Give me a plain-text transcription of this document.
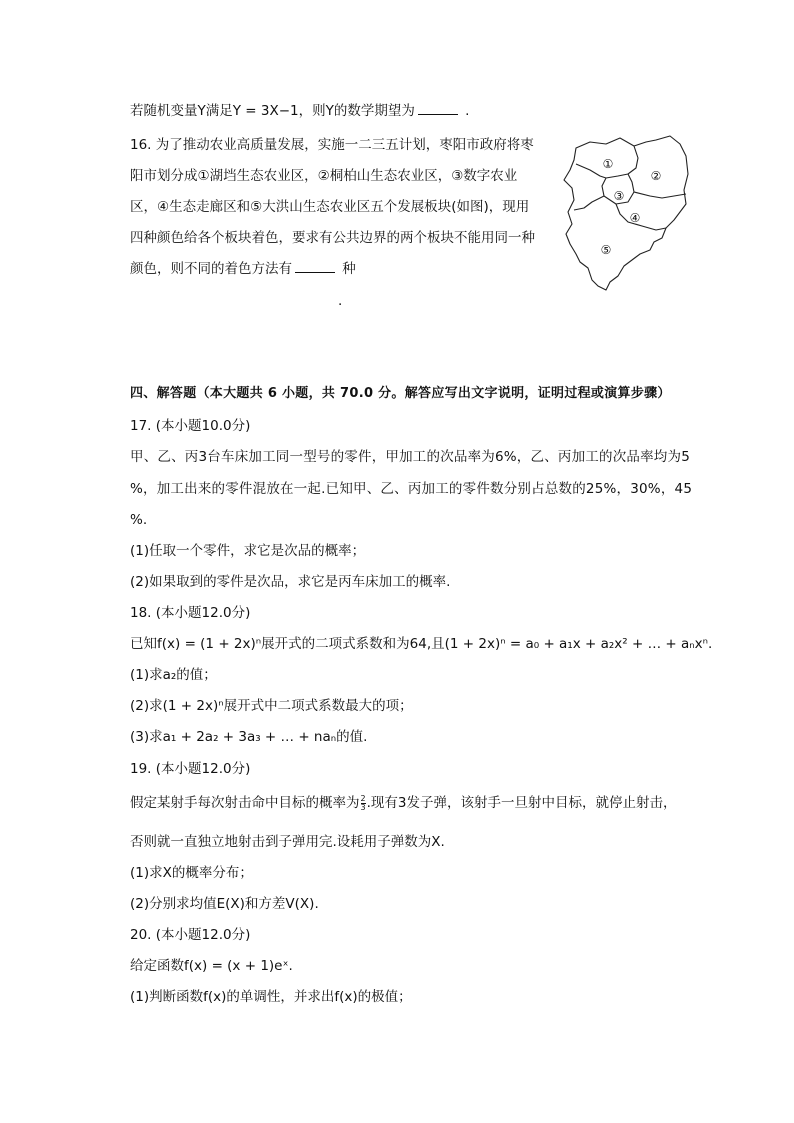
若随机变量Y满足Y = 3X−1，则Y的数学期望为	.
16. 为了推动农业高质量发展，实施一二三五计划，枣阳市政府将枣
阳市划分成①湖垱生态农业区，②桐柏山生态农业区，③数字农业
区，④生态走廊区和⑤大洪山生态农业区五个发展板块(如图)，现用
四种颜色给各个板块着色，要求有公共边界的两个板块不能用同一种
颜色，则不同的着色方法有	种
.
①
②
③
④
⑤
四、解答题（本大题共 6 小题，共 70.0 分。解答应写出文字说明，证明过程或演算步骤）
17. (本小题10.0分)
甲、乙、丙3台车床加工同一型号的零件，甲加工的次品率为6%，乙、丙加工的次品率均为5
%，加工出来的零件混放在一起.已知甲、乙、丙加工的零件数分别占总数的25%，30%，45
%.
(1)任取一个零件，求它是次品的概率；
(2)如果取到的零件是次品，求它是丙车床加工的概率.
18. (本小题12.0分)
已知f(x) = (1 + 2x)ⁿ展开式的二项式系数和为64,且(1 + 2x)ⁿ = a₀ + a₁x + a₂x² + … + aₙxⁿ.
(1)求a₂的值；
(2)求(1 + 2x)ⁿ展开式中二项式系数最大的项；
(3)求a₁ + 2a₂ + 3a₃ + … + naₙ的值.
19. (本小题12.0分)
假定某射手每次射击命中目标的概率为 $\frac{2}{3}$ .现有3发子弹，该射手一旦射中目标，就停止射击，
否则就一直独立地射击到子弹用完.设耗用子弹数为X.
(1)求X的概率分布；
(2)分别求均值E(X)和方差V(X).
20. (本小题12.0分)
给定函数f(x) = (x + 1)eˣ.
(1)判断函数f(x)的单调性，并求出f(x)的极值；
